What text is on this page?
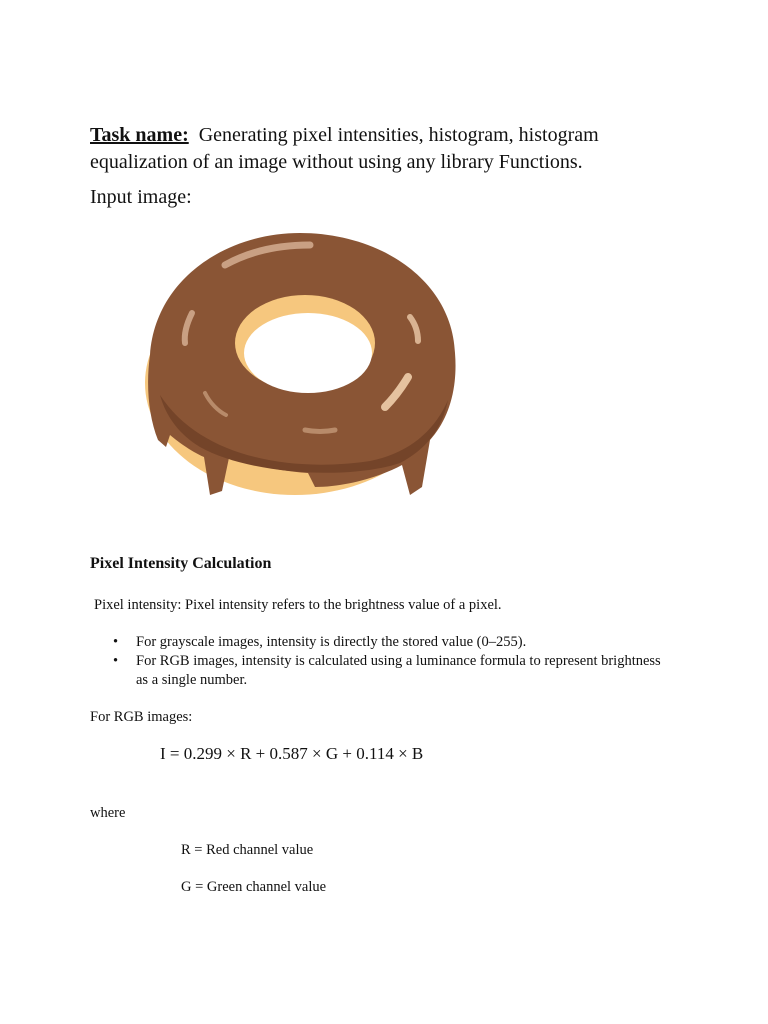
Task name: Generating pixel intensities, histogram, histogram equalization of an image without using any library Functions.
Input image:
Pixel Intensity Calculation
Pixel intensity: Pixel intensity refers to the brightness value of a pixel.
• For grayscale images, intensity is directly the stored value (0–255).
• For RGB images, intensity is calculated using a luminance formula to represent brightness as a single number.
For RGB images:
I = 0.299 × R + 0.587 × G + 0.114 × B
where
R = Red channel value
G = Green channel value
